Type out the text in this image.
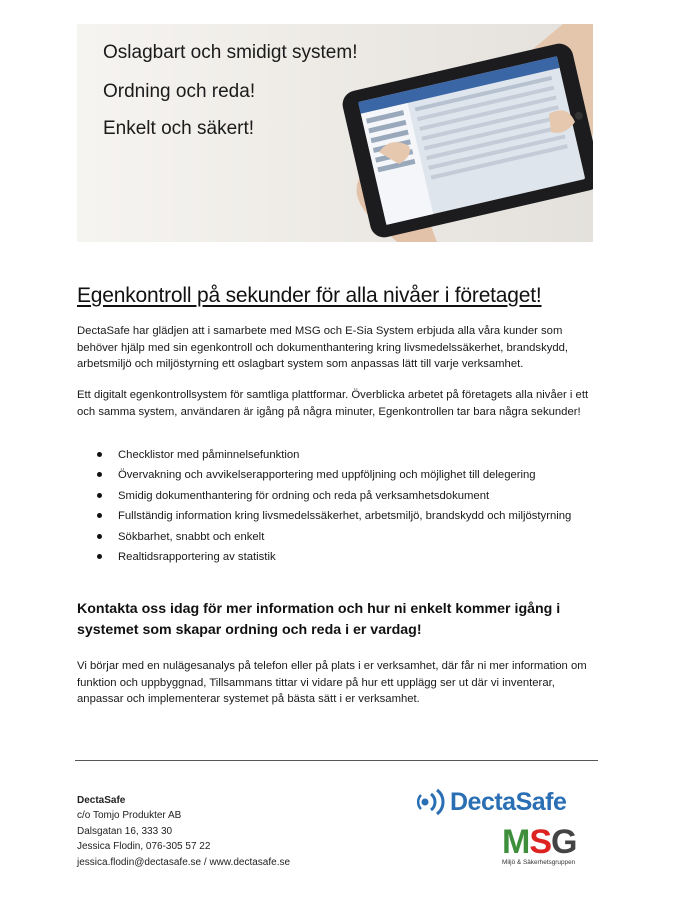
Oslagbart och smidigt system!
Ordning och reda!
Enkelt och säkert!
Egenkontroll på sekunder för alla nivåer i företaget!

DectaSafe har glädjen att i samarbete med MSG och E-Sia System erbjuda alla våra kunder som behöver hjälp med sin egenkontroll och dokumenthantering kring livsmedelssäkerhet, brandskydd, arbetsmiljö och miljöstyrning ett oslagbart system som anpassas lätt till varje verksamhet.

Ett digitalt egenkontrollsystem för samtliga plattformar. Överblicka arbetet på företagets alla nivåer i ett och samma system, användaren är igång på några minuter, Egenkontrollen tar bara några sekunder!

Checklistor med påminnelsefunktion
Övervakning och avvikelserapportering med uppföljning och möjlighet till delegering
Smidig dokumenthantering för ordning och reda på verksamhetsdokument
Fullständig information kring livsmedelssäkerhet, arbetsmiljö, brandskydd och miljöstyrning
Sökbarhet, snabbt och enkelt
Realtidsrapportering av statistik

Kontakta oss idag för mer information och hur ni enkelt kommer igång i systemet som skapar ordning och reda i er vardag!

Vi börjar med en nulägesanalys på telefon eller på plats i er verksamhet, där får ni mer information om funktion och uppbyggnad, Tillsammans tittar vi vidare på hur ett upplägg ser ut där vi inventerar, anpassar och implementerar systemet på bästa sätt i er verksamhet.

DectaSafe
c/o Tomjo Produkter AB
Dalsgatan 16, 333 30
Jessica Flodin, 076-305 57 22
jessica.flodin@dectasafe.se / www.dectasafe.se
DectaSafe
MSG
Miljö & Säkerhetsgruppen
